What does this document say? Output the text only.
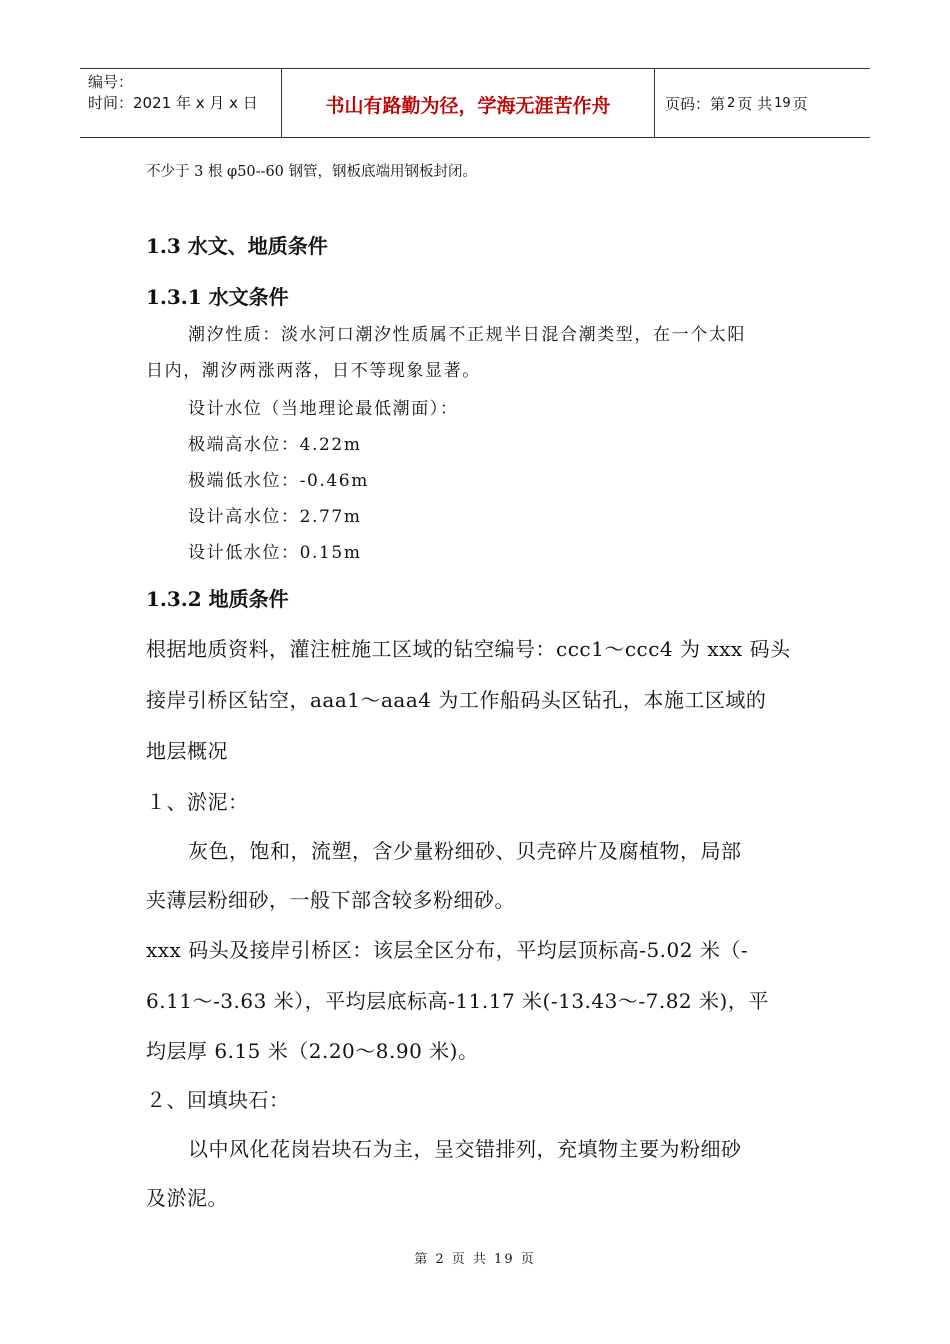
编号：
时间：2021 年 x 月 x 日	书山有路勤为径，学海无涯苦作舟	页码：第 2 页 共 19 页
不少于 3 根 φ50--60 钢管，钢板底端用钢板封闭。
1.3 水文、地质条件
1.3.1 水文条件
潮汐性质：淡水河口潮汐性质属不正规半日混合潮类型，在一个太阳
日内，潮汐两涨两落，日不等现象显著。
设计水位（当地理论最低潮面）：
极端高水位：4.22m
极端低水位：-0.46m
设计高水位：2.77m
设计低水位：0.15m
1.3.2 地质条件
根据地质资料，灌注桩施工区域的钻空编号：ccc1～ccc4 为 xxx 码头
接岸引桥区钻空，aaa1～aaa4 为工作船码头区钻孔，本施工区域的
地层概况
１、淤泥：
灰色，饱和，流塑，含少量粉细砂、贝壳碎片及腐植物，局部
夹薄层粉细砂，一般下部含较多粉细砂。
xxx 码头及接岸引桥区：该层全区分布，平均层顶标高-5.02 米（-
6.11～-3.63 米），平均层底标高-11.17 米(-13.43～-7.82 米)，平
均层厚 6.15 米（2.20～8.90 米)。
２、回填块石：
以中风化花岗岩块石为主，呈交错排列，充填物主要为粉细砂
及淤泥。
第 2 页 共 19 页
